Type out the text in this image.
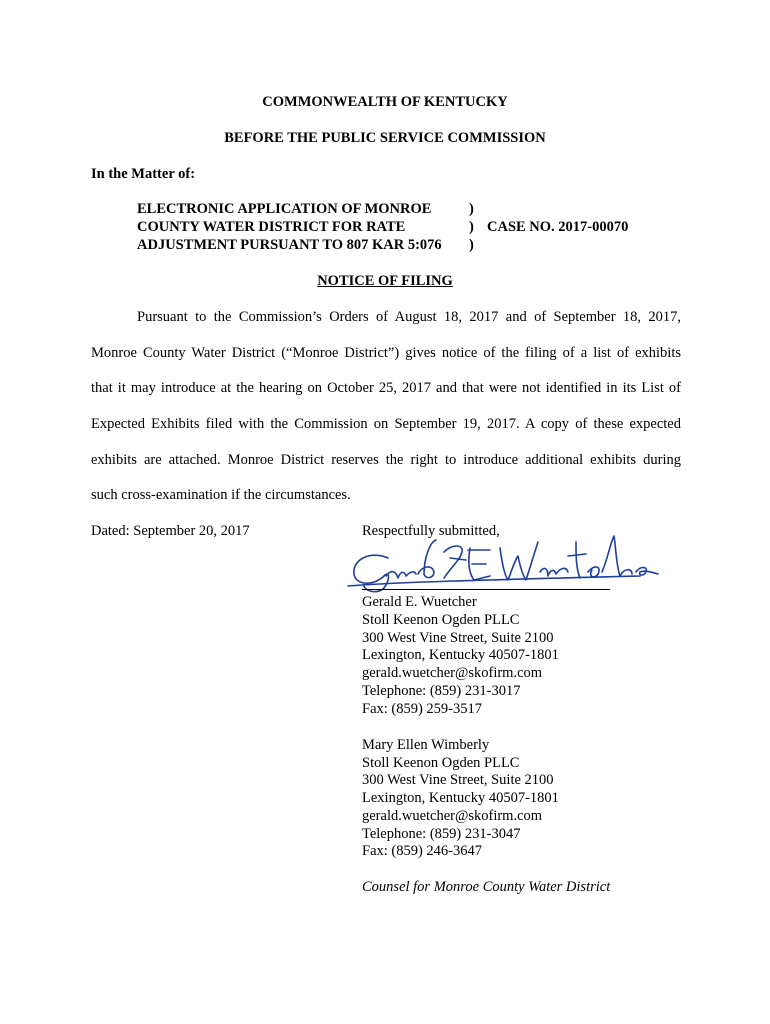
COMMONWEALTH OF KENTUCKY
BEFORE THE PUBLIC SERVICE COMMISSION
In the Matter of:
ELECTRONIC APPLICATION OF MONROE
COUNTY WATER DISTRICT FOR RATE
ADJUSTMENT PURSUANT TO 807 KAR 5:076
)
)
)
CASE NO. 2017-00070
NOTICE OF FILING
Pursuant to the Commission’s Orders of August 18, 2017 and of September 18, 2017,
Monroe County Water District (“Monroe District”) gives notice of the filing of a list of exhibits
that it may introduce at the hearing on October 25, 2017 and that were not identified in its List of
Expected Exhibits filed with the Commission on September 19, 2017. A copy of these expected
exhibits are attached. Monroe District reserves the right to introduce additional exhibits during
such cross-examination if the circumstances.
Dated: September 20, 2017	Respectfully submitted,
Gerald E. Wuetcher
Stoll Keenon Ogden PLLC
300 West Vine Street, Suite 2100
Lexington, Kentucky 40507-1801
gerald.wuetcher@skofirm.com
Telephone: (859) 231-3017
Fax: (859) 259-3517
Mary Ellen Wimberly
Stoll Keenon Ogden PLLC
300 West Vine Street, Suite 2100
Lexington, Kentucky 40507-1801
gerald.wuetcher@skofirm.com
Telephone: (859) 231-3047
Fax: (859) 246-3647
Counsel for Monroe County Water District
